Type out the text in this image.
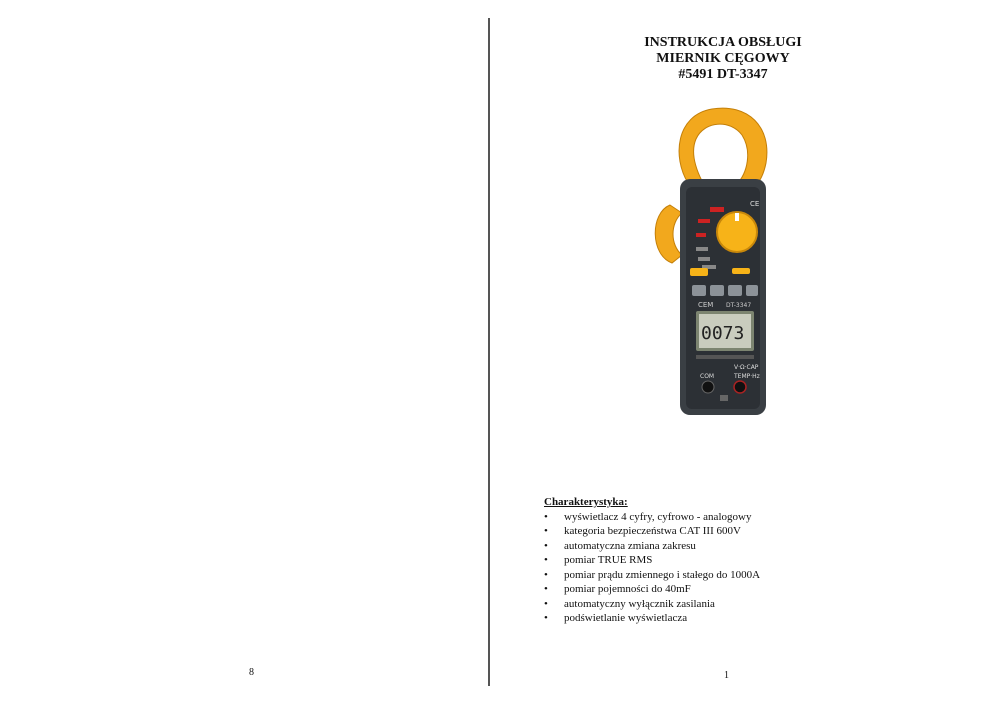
8
INSTRUKCJA OBSŁUGI
MIERNIK CĘGOWY
#5491 DT-3347
CE
CEM DT-3347
0073
V·Ω·CAP
TEMP·Hz
COM
Charakterystyka:
• wyświetlacz 4 cyfry, cyfrowo - analogowy
• kategoria bezpieczeństwa CAT III 600V
• automatyczna zmiana zakresu
• pomiar TRUE RMS
• pomiar prądu zmiennego i stałego do 1000A
• pomiar pojemności do 40mF
• automatyczny wyłącznik zasilania
• podświetlanie wyświetlacza
1
